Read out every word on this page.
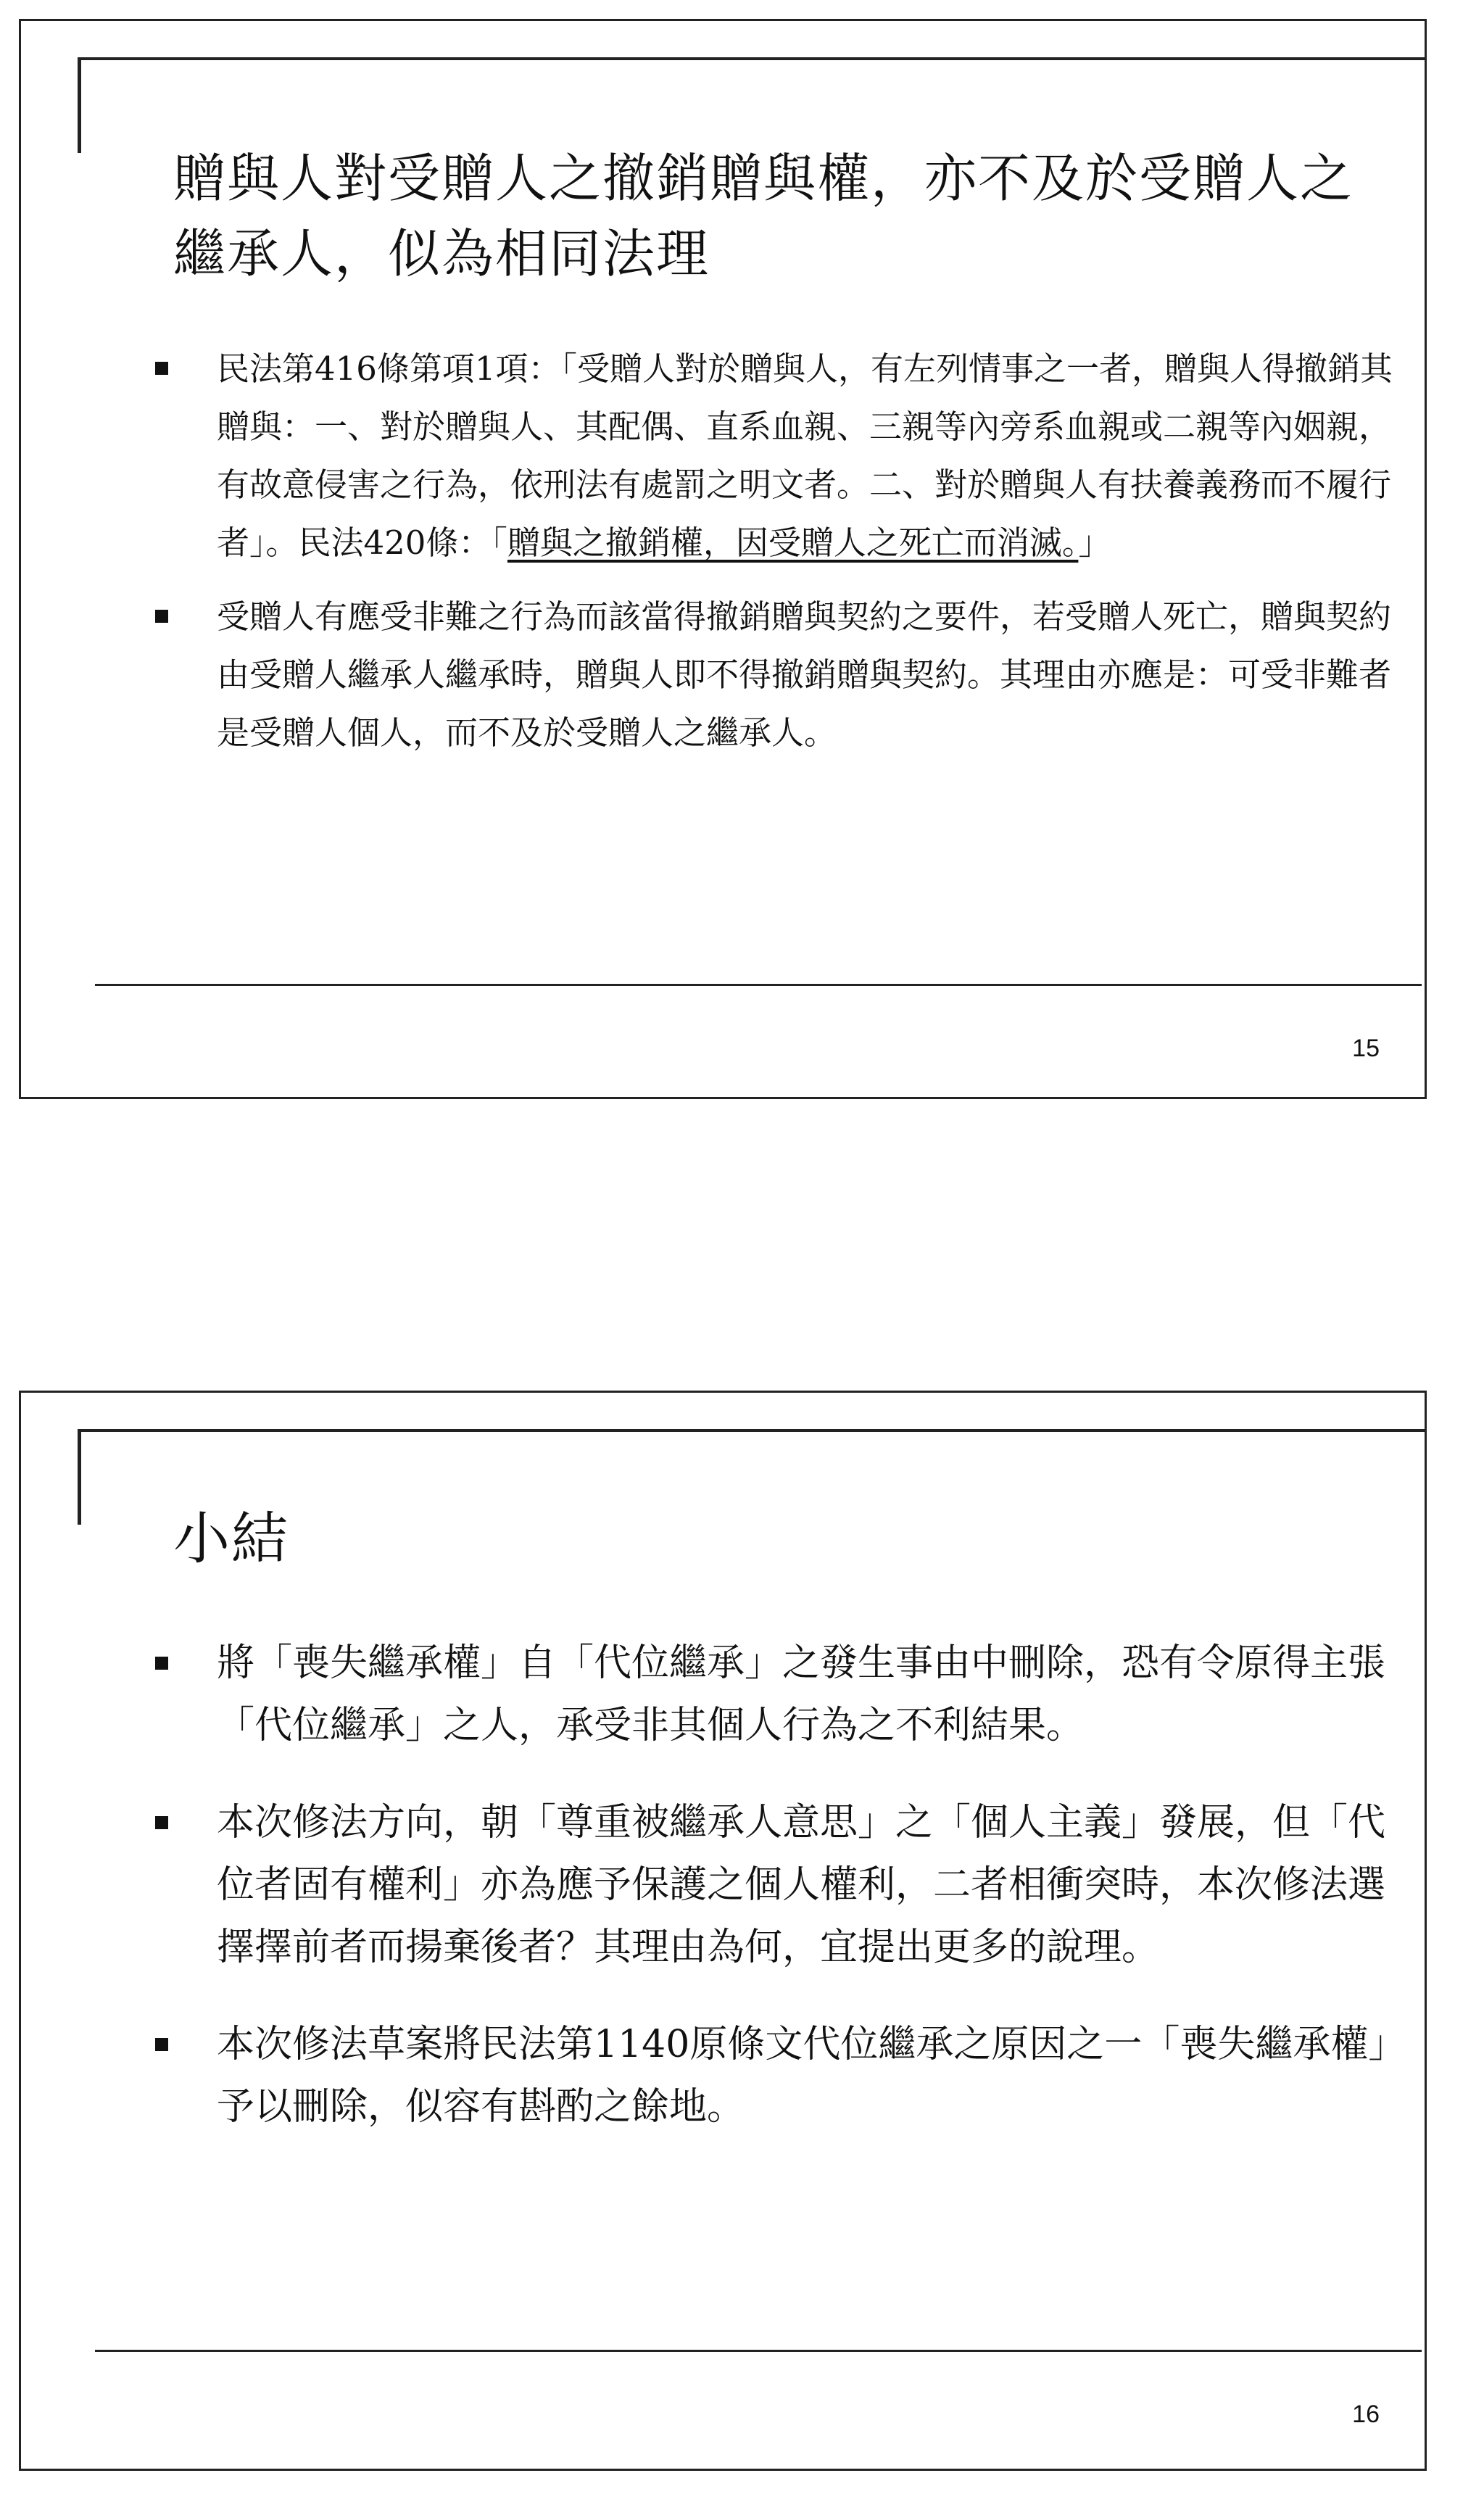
贈與人對受贈人之撤銷贈與權，亦不及於受贈人之繼承人，似為相同法理
民法第416條第項1項：「受贈人對於贈與人，有左列情事之一者，贈與人得撤銷其贈與：一、對於贈與人、其配偶、直系血親、三親等內旁系血親或二親等內姻親，有故意侵害之行為，依刑法有處罰之明文者。二、對於贈與人有扶養義務而不履行者」。民法420條：「贈與之撤銷權，因受贈人之死亡而消滅。」
受贈人有應受非難之行為而該當得撤銷贈與契約之要件，若受贈人死亡，贈與契約由受贈人繼承人繼承時，贈與人即不得撤銷贈與契約。其理由亦應是：可受非難者是受贈人個人，而不及於受贈人之繼承人。
15
小結
將「喪失繼承權」自「代位繼承」之發生事由中刪除，恐有令原得主張「代位繼承」之人，承受非其個人行為之不利結果。
本次修法方向，朝「尊重被繼承人意思」之「個人主義」發展，但「代位者固有權利」亦為應予保護之個人權利，二者相衝突時，本次修法選擇擇前者而揚棄後者？其理由為何，宜提出更多的說理。
本次修法草案將民法第1140原條文代位繼承之原因之一「喪失繼承權」予以刪除，似容有斟酌之餘地。
16
